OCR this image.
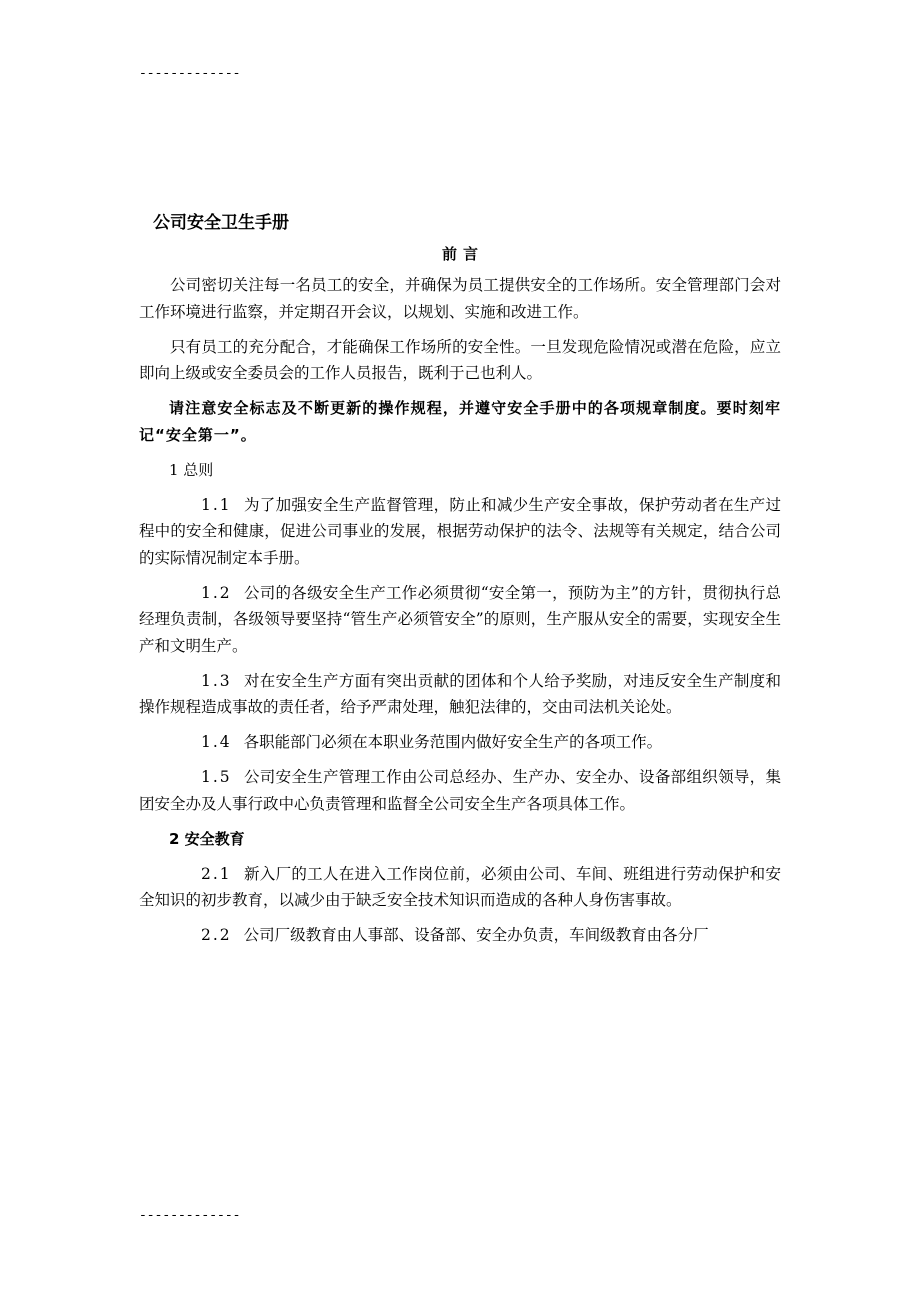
-------------
公司安全卫生手册
前言

公司密切关注每一名员工的安全，并确保为员工提供安全的工作场所。安全管理部门会对工作环境进行监察，并定期召开会议，以规划、实施和改进工作。

只有员工的充分配合，才能确保工作场所的安全性。一旦发现危险情况或潜在危险，应立即向上级或安全委员会的工作人员报告，既利于己也利人。

请注意安全标志及不断更新的操作规程，并遵守安全手册中的各项规章制度。要时刻牢记“安全第一”。

1 总则

1.1 为了加强安全生产监督管理，防止和减少生产安全事故，保护劳动者在生产过程中的安全和健康，促进公司事业的发展，根据劳动保护的法令、法规等有关规定，结合公司的实际情况制定本手册。

1.2 公司的各级安全生产工作必须贯彻“安全第一，预防为主”的方针，贯彻执行总经理负责制，各级领导要坚持“管生产必须管安全”的原则，生产服从安全的需要，实现安全生产和文明生产。

1.3 对在安全生产方面有突出贡献的团体和个人给予奖励，对违反安全生产制度和操作规程造成事故的责任者，给予严肃处理，触犯法律的，交由司法机关论处。

1.4 各职能部门必须在本职业务范围内做好安全生产的各项工作。

1.5 公司安全生产管理工作由公司总经办、生产办、安全办、设备部组织领导，集团安全办及人事行政中心负责管理和监督全公司安全生产各项具体工作。

2 安全教育

2.1 新入厂的工人在进入工作岗位前，必须由公司、车间、班组进行劳动保护和安全知识的初步教育，以减少由于缺乏安全技术知识而造成的各种人身伤害事故。

2.2 公司厂级教育由人事部、设备部、安全办负责，车间级教育由各分厂

-------------
